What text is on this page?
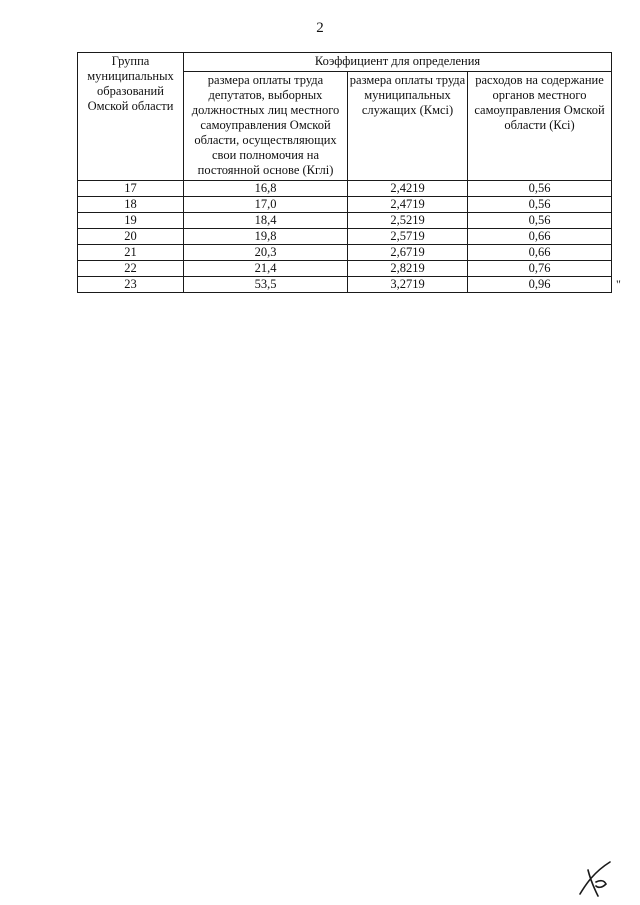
2
Группа муниципальных образований Омской области	Коэффициент для определения		
	размера оплаты труда депутатов, выборных должностных лиц местного самоуправления Омской области, осуществляющих свои полномочия на постоянной основе (Кглi)	размера оплаты труда муниципальных служащих (Кмсi)	расходов на содержание органов местного самоуправления Омской области (Ксi)
17	16,8	2,4219	0,56
18	17,0	2,4719	0,56
19	18,4	2,5219	0,56
20	19,8	2,5719	0,66
21	20,3	2,6719	0,66
22	21,4	2,8219	0,76
23	53,5	3,2719	0,96	"
